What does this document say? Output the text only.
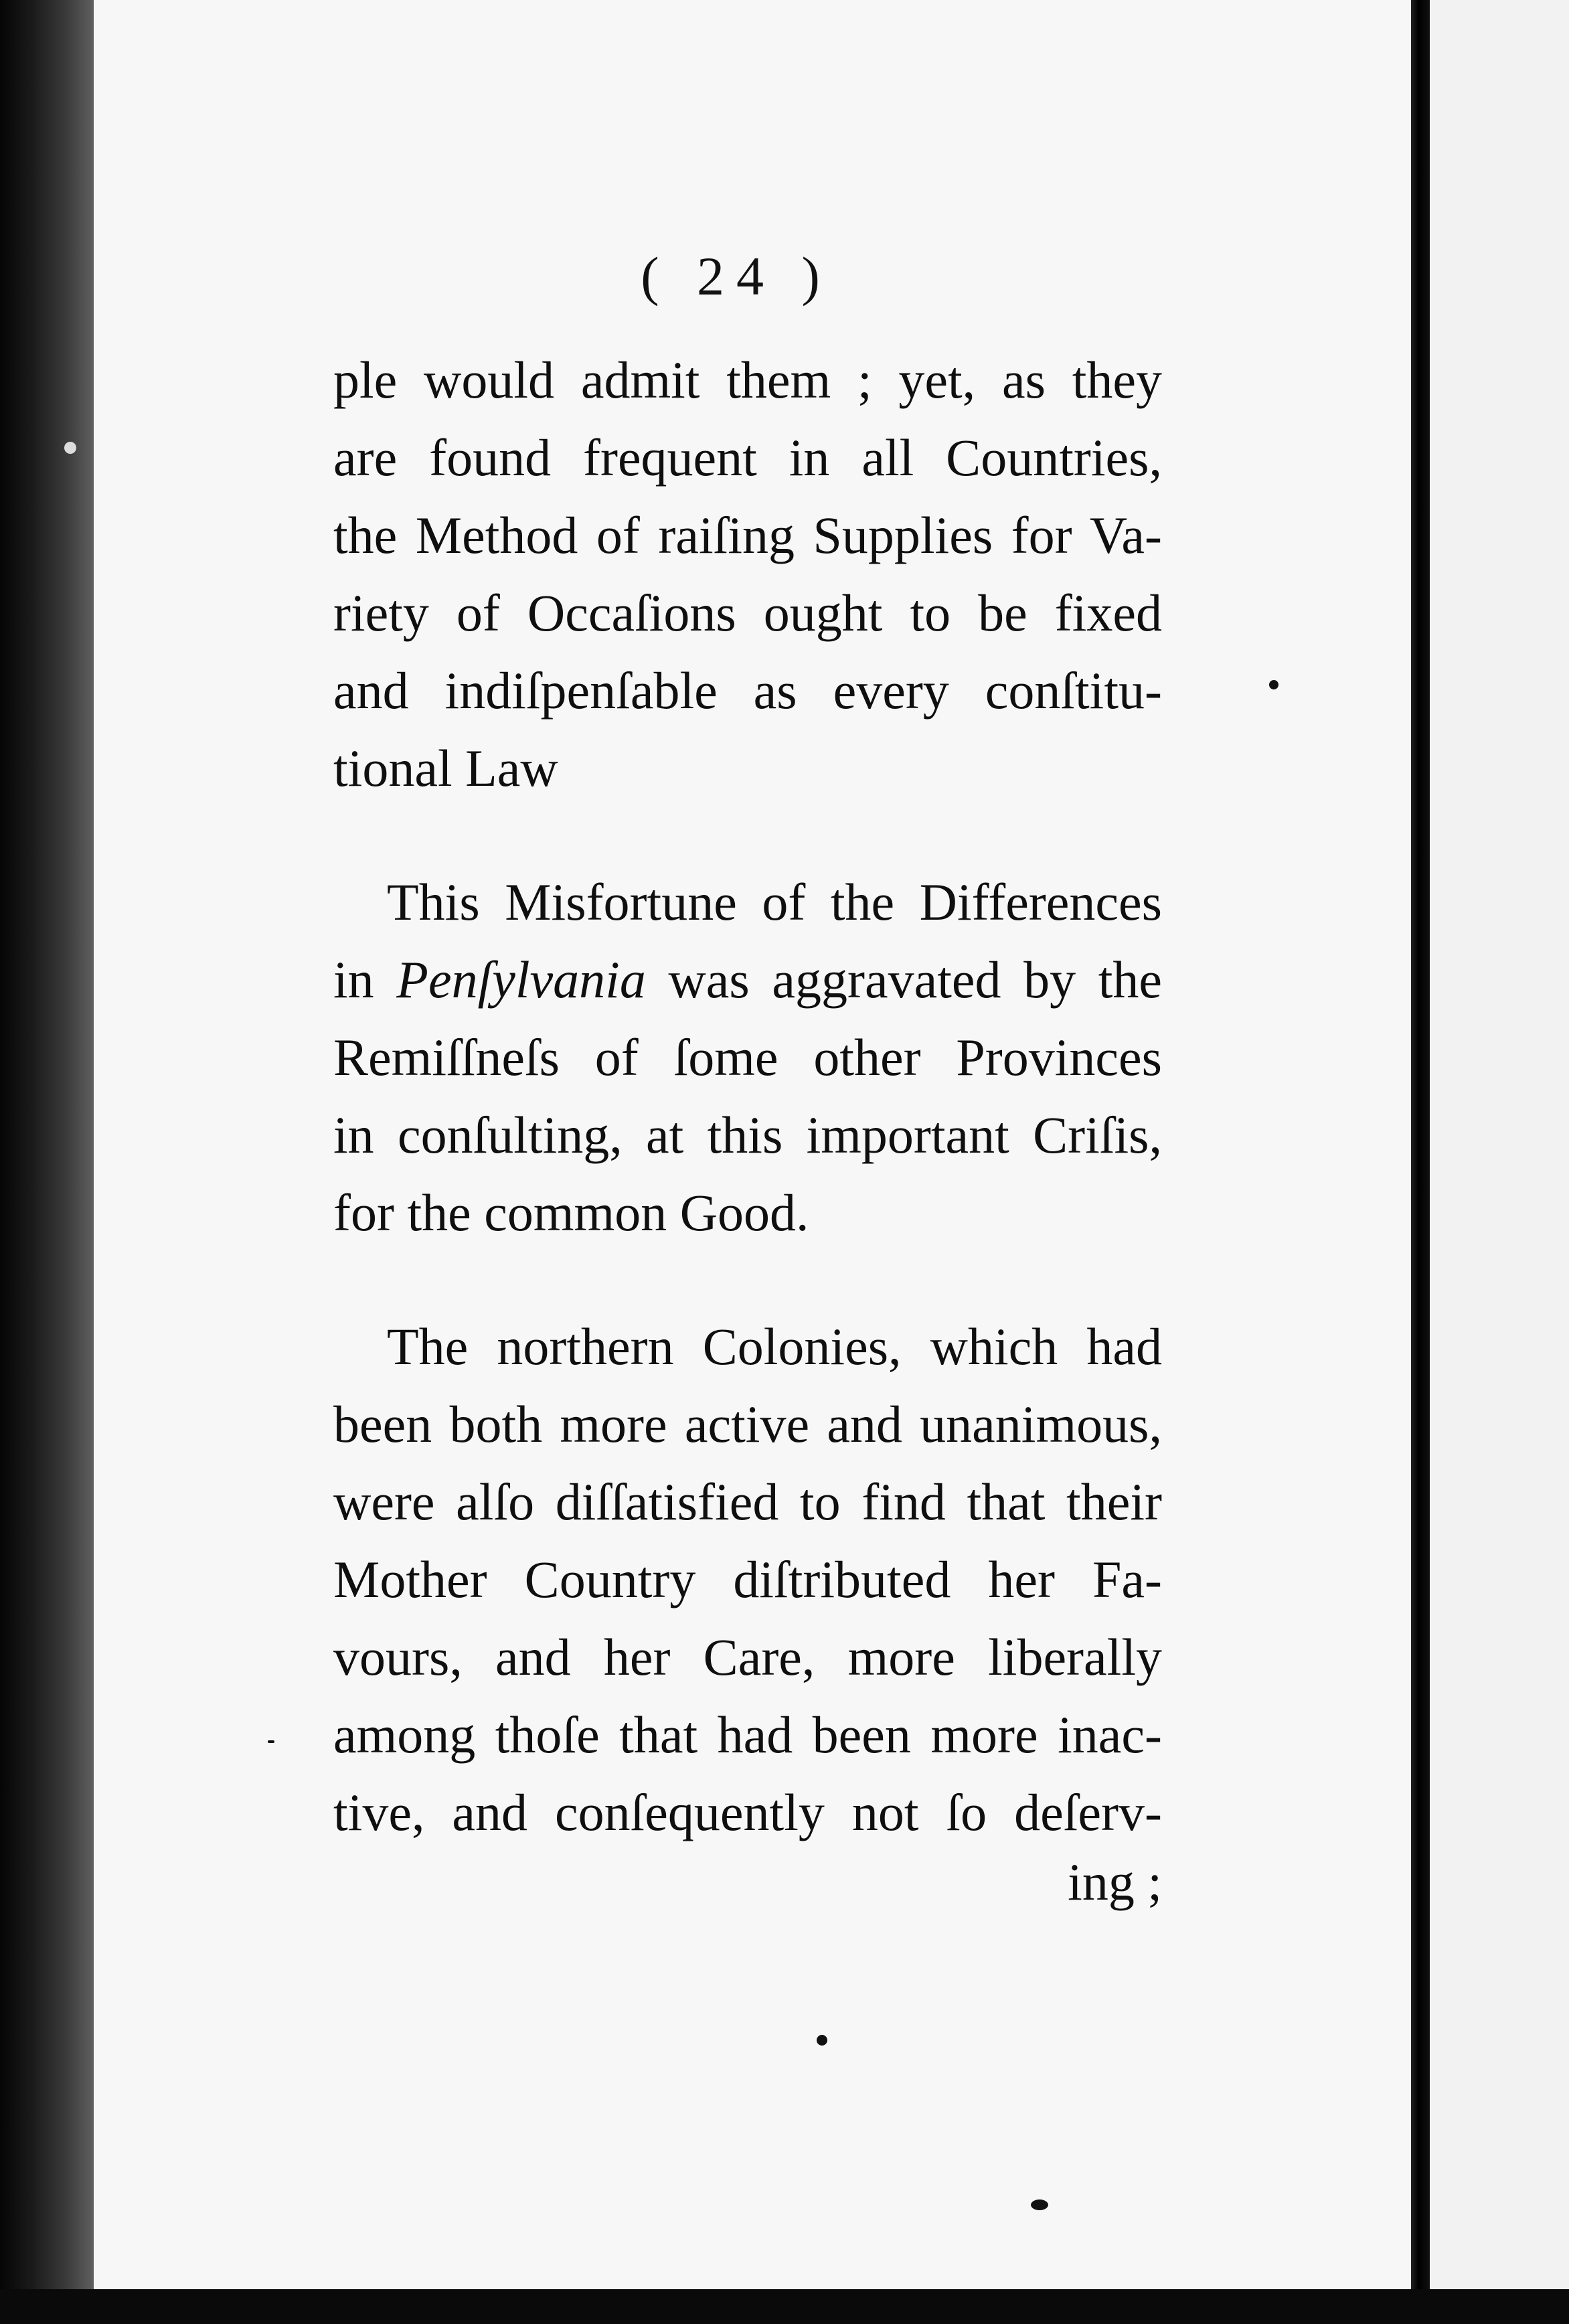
( 24 )
ple would admit them ; yet, as they
are found frequent in all Countries,
the Method of raiſing Supplies for Va-
riety of Occaſions ought to be fixed
and indiſpenſable as every conſtitu-
tional Law
This Misfortune of the Differences
in Penſylvania was aggravated by the
Remiſſneſs of ſome other Provinces
in conſulting, at this important Criſis,
for the common Good.
The northern Colonies, which had
been both more active and unanimous,
were alſo diſſatisfied to find that their
Mother Country diſtributed her Fa-
vours, and her Care, more liberally
among thoſe that had been more inac-
tive, and conſequently not ſo deſerv-
ing ;
